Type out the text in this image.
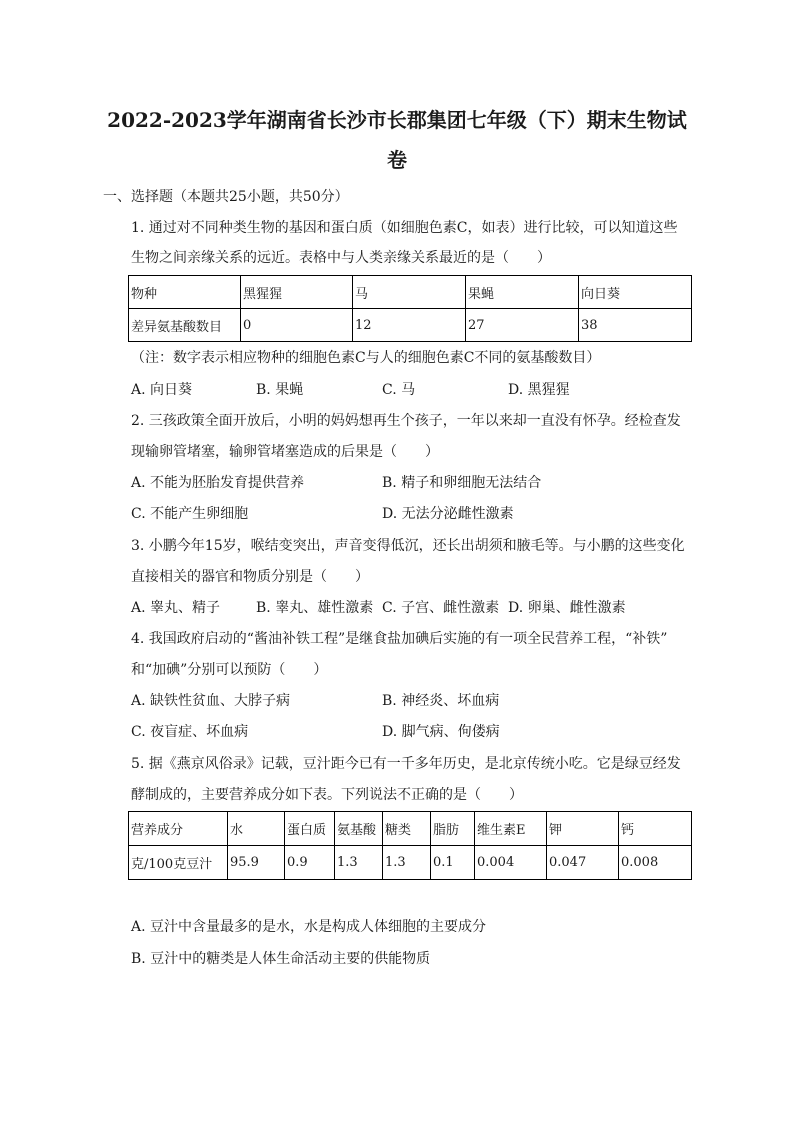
2022-2023学年湖南省长沙市长郡集团七年级（下）期末生物试
卷
一、选择题（本题共25小题，共50分）
1. 通过对不同种类生物的基因和蛋白质（如细胞色素C，如表）进行比较，可以知道这些
生物之间亲缘关系的远近。表格中与人类亲缘关系最近的是（　　）
物种	黑猩猩	马	果蝇	向日葵
差异氨基酸数目	0	12	27	38
（注：数字表示相应物种的细胞色素C与人的细胞色素C不同的氨基酸数目）
A. 向日葵	B. 果蝇	C. 马	D. 黑猩猩
2. 三孩政策全面开放后，小明的妈妈想再生个孩子，一年以来却一直没有怀孕。经检查发
现输卵管堵塞，输卵管堵塞造成的后果是（　　）
A. 不能为胚胎发育提供营养	B. 精子和卵细胞无法结合
C. 不能产生卵细胞	D. 无法分泌雌性激素
3. 小鹏今年15岁，喉结变突出，声音变得低沉，还长出胡须和腋毛等。与小鹏的这些变化
直接相关的器官和物质分别是（　　）
A. 睾丸、精子	B. 睾丸、雄性激素 C. 子宫、雌性激素 D. 卵巢、雌性激素
4. 我国政府启动的“酱油补铁工程”是继食盐加碘后实施的有一项全民营养工程，“补铁”
和“加碘”分别可以预防（　　）
A. 缺铁性贫血、大脖子病	B. 神经炎、坏血病
C. 夜盲症、坏血病	D. 脚气病、佝偻病
5. 据《燕京风俗录》记载，豆汁距今已有一千多年历史，是北京传统小吃。它是绿豆经发
酵制成的，主要营养成分如下表。下列说法不正确的是（　　）
营养成分	水	蛋白质	氨基酸	糖类	脂肪	维生素E	钾	钙
克/100克豆汁	95.9	0.9	1.3	1.3	0.1	0.004	0.047	0.008
A. 豆汁中含量最多的是水，水是构成人体细胞的主要成分
B. 豆汁中的糖类是人体生命活动主要的供能物质
